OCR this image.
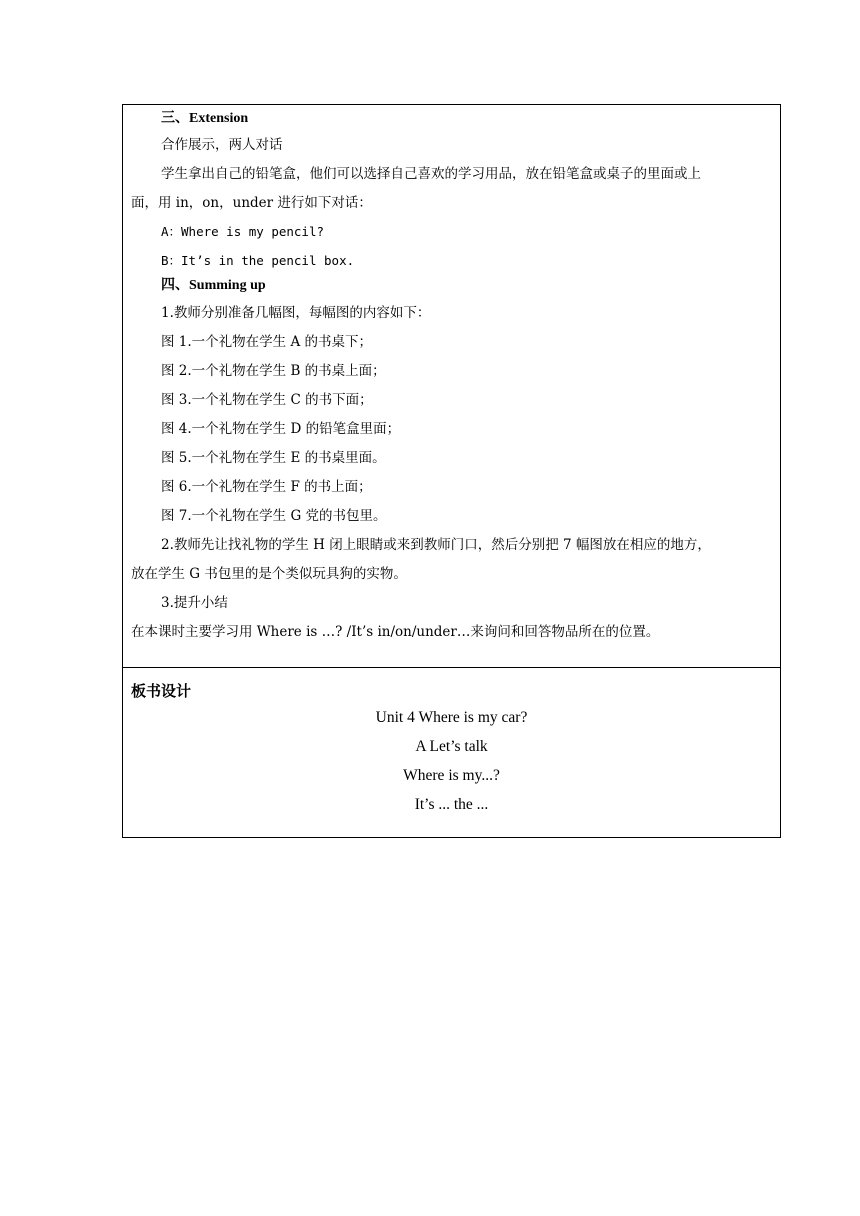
三、Extension
合作展示，两人对话
学生拿出自己的铅笔盒，他们可以选择自己喜欢的学习用品，放在铅笔盒或桌子的里面或上
面，用 in，on，under 进行如下对话：
A：Where is my pencil?
B：It’s in the pencil box.
四、Summing up
1.教师分别准备几幅图，每幅图的内容如下：
图 1.一个礼物在学生 A 的书桌下；
图 2.一个礼物在学生 B 的书桌上面；
图 3.一个礼物在学生 C 的书下面；
图 4.一个礼物在学生 D 的铅笔盒里面；
图 5.一个礼物在学生 E 的书桌里面。
图 6.一个礼物在学生 F 的书上面；
图 7.一个礼物在学生 G 党的书包里。
2.教师先让找礼物的学生 H 闭上眼睛或来到教师门口，然后分别把 7 幅图放在相应的地方，
放在学生 G 书包里的是个类似玩具狗的实物。
3.提升小结
在本课时主要学习用 Where is …? /It’s in/on/under…来询问和回答物品所在的位置。
板书设计
Unit 4 Where is my car?
A Let’s talk
Where is my...?
It’s ... the ...
